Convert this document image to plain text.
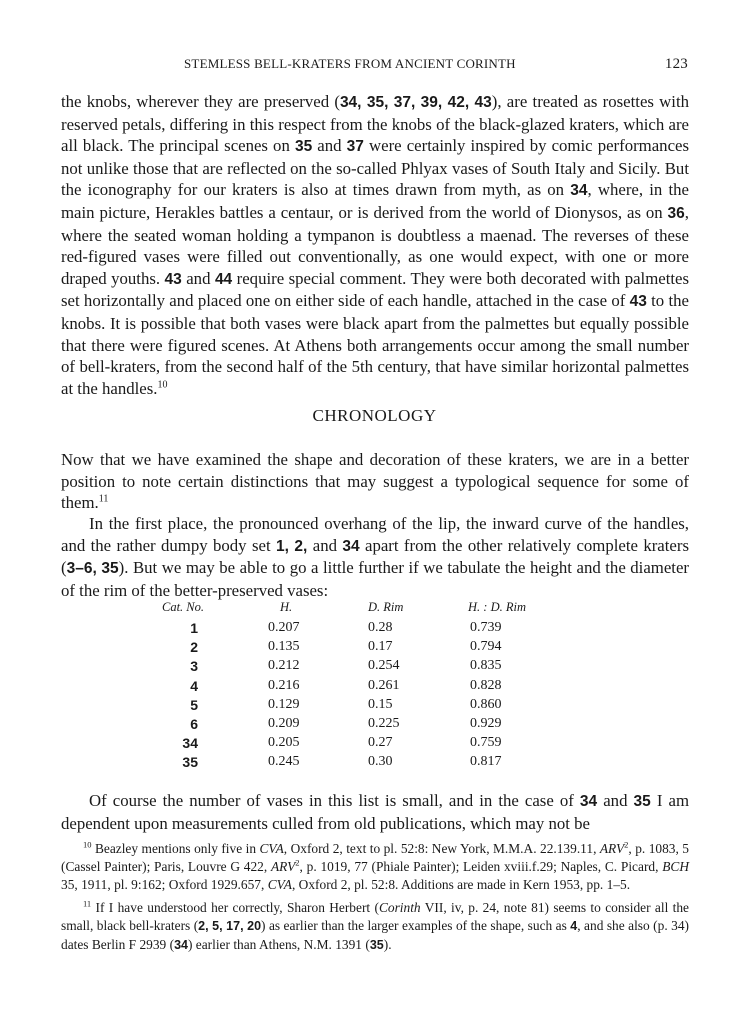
STEMLESS BELL-KRATERS FROM ANCIENT CORINTH	123

the knobs, wherever they are preserved (34, 35, 37, 39, 42, 43), are treated as rosettes with reserved petals, differing in this respect from the knobs of the black-glazed kraters, which are all black. The principal scenes on 35 and 37 were certainly inspired by comic performances not unlike those that are reflected on the so-called Phlyax vases of South Italy and Sicily. But the iconography for our kraters is also at times drawn from myth, as on 34, where, in the main picture, Herakles battles a centaur, or is derived from the world of Dionysos, as on 36, where the seated woman holding a tympanon is doubtless a maenad. The reverses of these red-figured vases were filled out conventionally, as one would expect, with one or more draped youths. 43 and 44 require special comment. They were both decorated with palmettes set horizontally and placed one on either side of each handle, attached in the case of 43 to the knobs. It is possible that both vases were black apart from the palmettes but equally possible that there were figured scenes. At Athens both arrangements occur among the small number of bell-kraters, from the second half of the 5th century, that have similar horizontal palmettes at the handles.$^{10}$

CHRONOLOGY

Now that we have examined the shape and decoration of these kraters, we are in a better position to note certain distinctions that may suggest a typological sequence for some of them.$^{11}$

In the first place, the pronounced overhang of the lip, the inward curve of the handles, and the rather dumpy body set 1, 2, and 34 apart from the other relatively complete kraters (3–6, 35). But we may be able to go a little further if we tabulate the height and the diameter of the rim of the better-preserved vases:

Cat. No.	H.	D. Rim	H. : D. Rim
1	0.207	0.28	0.739
2	0.135	0.17	0.794
3	0.212	0.254	0.835
4	0.216	0.261	0.828
5	0.129	0.15	0.860
6	0.209	0.225	0.929
34	0.205	0.27	0.759
35	0.245	0.30	0.817

Of course the number of vases in this list is small, and in the case of 34 and 35 I am dependent upon measurements culled from old publications, which may not be

$^{10}$ Beazley mentions only five in CVA, Oxford 2, text to pl. 52:8: New York, M.M.A. 22.139.11, ARV$^2$, p. 1083, 5 (Cassel Painter); Paris, Louvre G 422, ARV$^2$, p. 1019, 77 (Phiale Painter); Leiden xviii.f.29; Naples, C. Picard, BCH 35, 1911, pl. 9:162; Oxford 1929.657, CVA, Oxford 2, pl. 52:8. Additions are made in Kern 1953, pp. 1–5.

$^{11}$ If I have understood her correctly, Sharon Herbert (Corinth VII, iv, p. 24, note 81) seems to consider all the small, black bell-kraters (2, 5, 17, 20) as earlier than the larger examples of the shape, such as 4, and she also (p. 34) dates Berlin F 2939 (34) earlier than Athens, N.M. 1391 (35).
